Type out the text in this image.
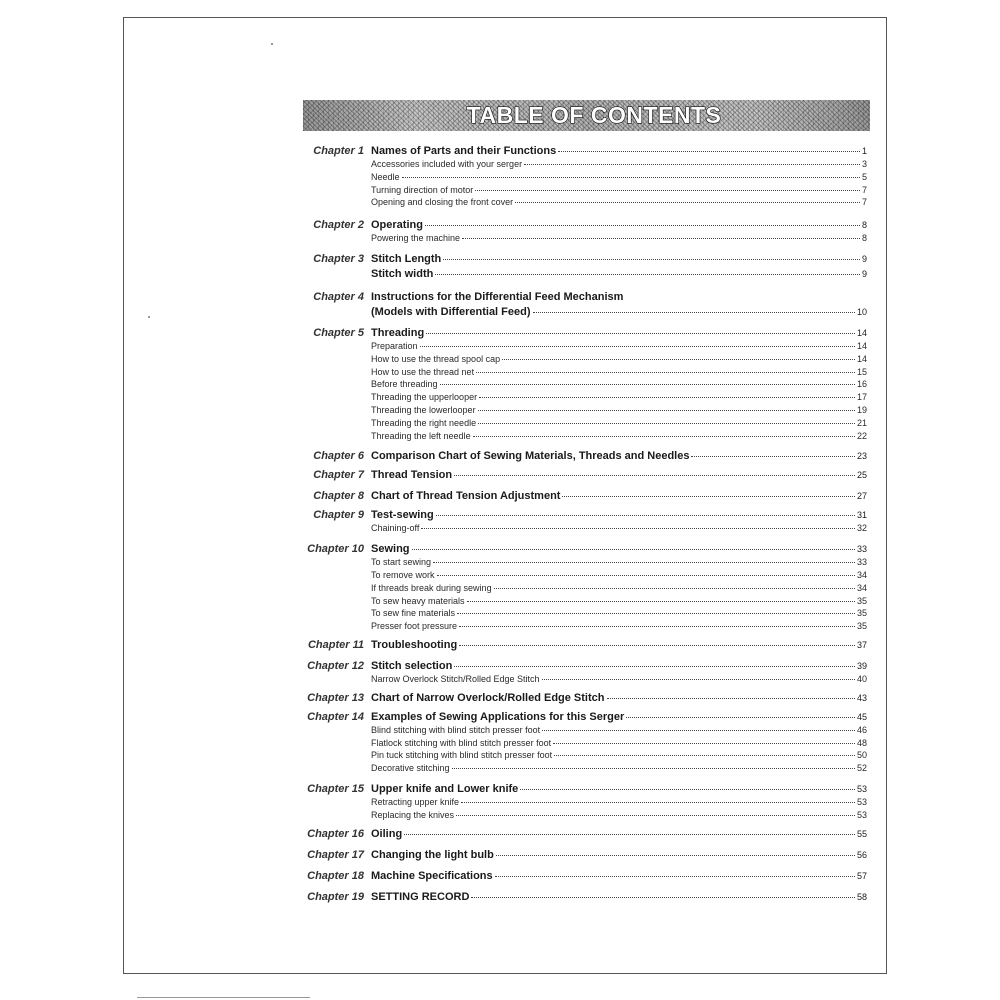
TABLE OF CONTENTS
Chapter 1 Names of Parts and their Functions	1
Accessories included with your serger	3
Needle	5
Turning direction of motor	7
Opening and closing the front cover	7
Chapter 2 Operating	8
Powering the machine	8
Chapter 3 Stitch Length	9
Stitch width	9
Chapter 4 Instructions for the Differential Feed Mechanism
(Models with Differential Feed)	10
Chapter 5 Threading	14
Preparation	14
How to use the thread spool cap	14
How to use the thread net	15
Before threading	16
Threading the upperlooper	17
Threading the lowerlooper	19
Threading the right needle	21
Threading the left needle	22
Chapter 6 Comparison Chart of Sewing Materials, Threads and Needles	23
Chapter 7 Thread Tension	25
Chapter 8 Chart of Thread Tension Adjustment	27
Chapter 9 Test-sewing	31
Chaining-off	32
Chapter 10 Sewing	33
To start sewing	33
To remove work	34
If threads break during sewing	34
To sew heavy materials	35
To sew fine materials	35
Presser foot pressure	35
Chapter 11 Troubleshooting	37
Chapter 12 Stitch selection	39
Narrow Overlock Stitch/Rolled Edge Stitch	40
Chapter 13 Chart of Narrow Overlock/Rolled Edge Stitch	43
Chapter 14 Examples of Sewing Applications for this Serger	45
Blind stitching with blind stitch presser foot	46
Flatlock stitching with blind stitch presser foot	48
Pin tuck stitching with blind stitch presser foot	50
Decorative stitching	52
Chapter 15 Upper knife and Lower knife	53
Retracting upper knife	53
Replacing the knives	53
Chapter 16 Oiling	55
Chapter 17 Changing the light bulb	56
Chapter 18 Machine Specifications	57
Chapter 19 SETTING RECORD	58
